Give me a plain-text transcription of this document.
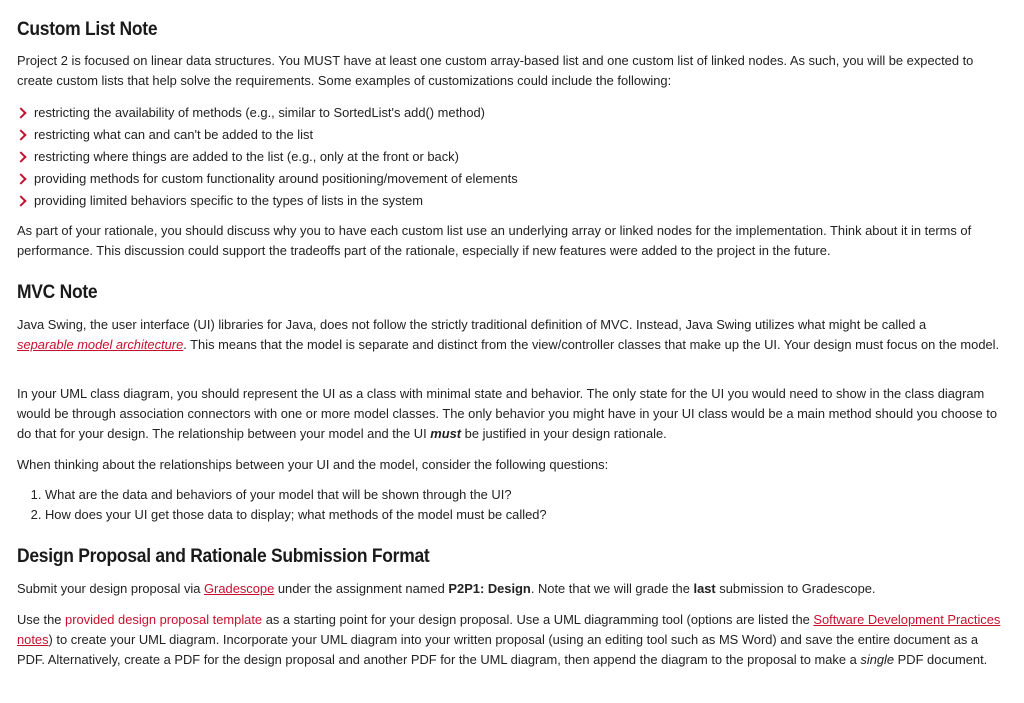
Custom List Note

Project 2 is focused on linear data structures. You MUST have at least one custom array-based list and one custom list of linked nodes. As such, you will be expected to create custom lists that help solve the requirements. Some examples of customizations could include the following:

restricting the availability of methods (e.g., similar to SortedList's add() method)
restricting what can and can't be added to the list
restricting where things are added to the list (e.g., only at the front or back)
providing methods for custom functionality around positioning/movement of elements
providing limited behaviors specific to the types of lists in the system

As part of your rationale, you should discuss why you to have each custom list use an underlying array or linked nodes for the implementation. Think about it in terms of performance. This discussion could support the tradeoffs part of the rationale, especially if new features were added to the project in the future.

MVC Note

Java Swing, the user interface (UI) libraries for Java, does not follow the strictly traditional definition of MVC. Instead, Java Swing utilizes what might be called a
separable model architecture. This means that the model is separate and distinct from the view/controller classes that make up the UI. Your design must focus on the model.

In your UML class diagram, you should represent the UI as a class with minimal state and behavior. The only state for the UI you would need to show in the class diagram would be through association connectors with one or more model classes. The only behavior you might have in your UI class would be a main method should you choose to do that for your design. The relationship between your model and the UI must be justified in your design rationale.

When thinking about the relationships between your UI and the model, consider the following questions:

1. What are the data and behaviors of your model that will be shown through the UI?
2. How does your UI get those data to display; what methods of the model must be called?
Design Proposal and Rationale Submission Format

Submit your design proposal via Gradescope under the assignment named P2P1: Design. Note that we will grade the last submission to Gradescope.

Use the provided design proposal template as a starting point for your design proposal. Use a UML diagramming tool (options are listed the Software Development Practices notes) to create your UML diagram. Incorporate your UML diagram into your written proposal (using an editing tool such as MS Word) and save the entire document as a PDF. Alternatively, create a PDF for the design proposal and another PDF for the UML diagram, then append the diagram to the proposal to make a single PDF document.
